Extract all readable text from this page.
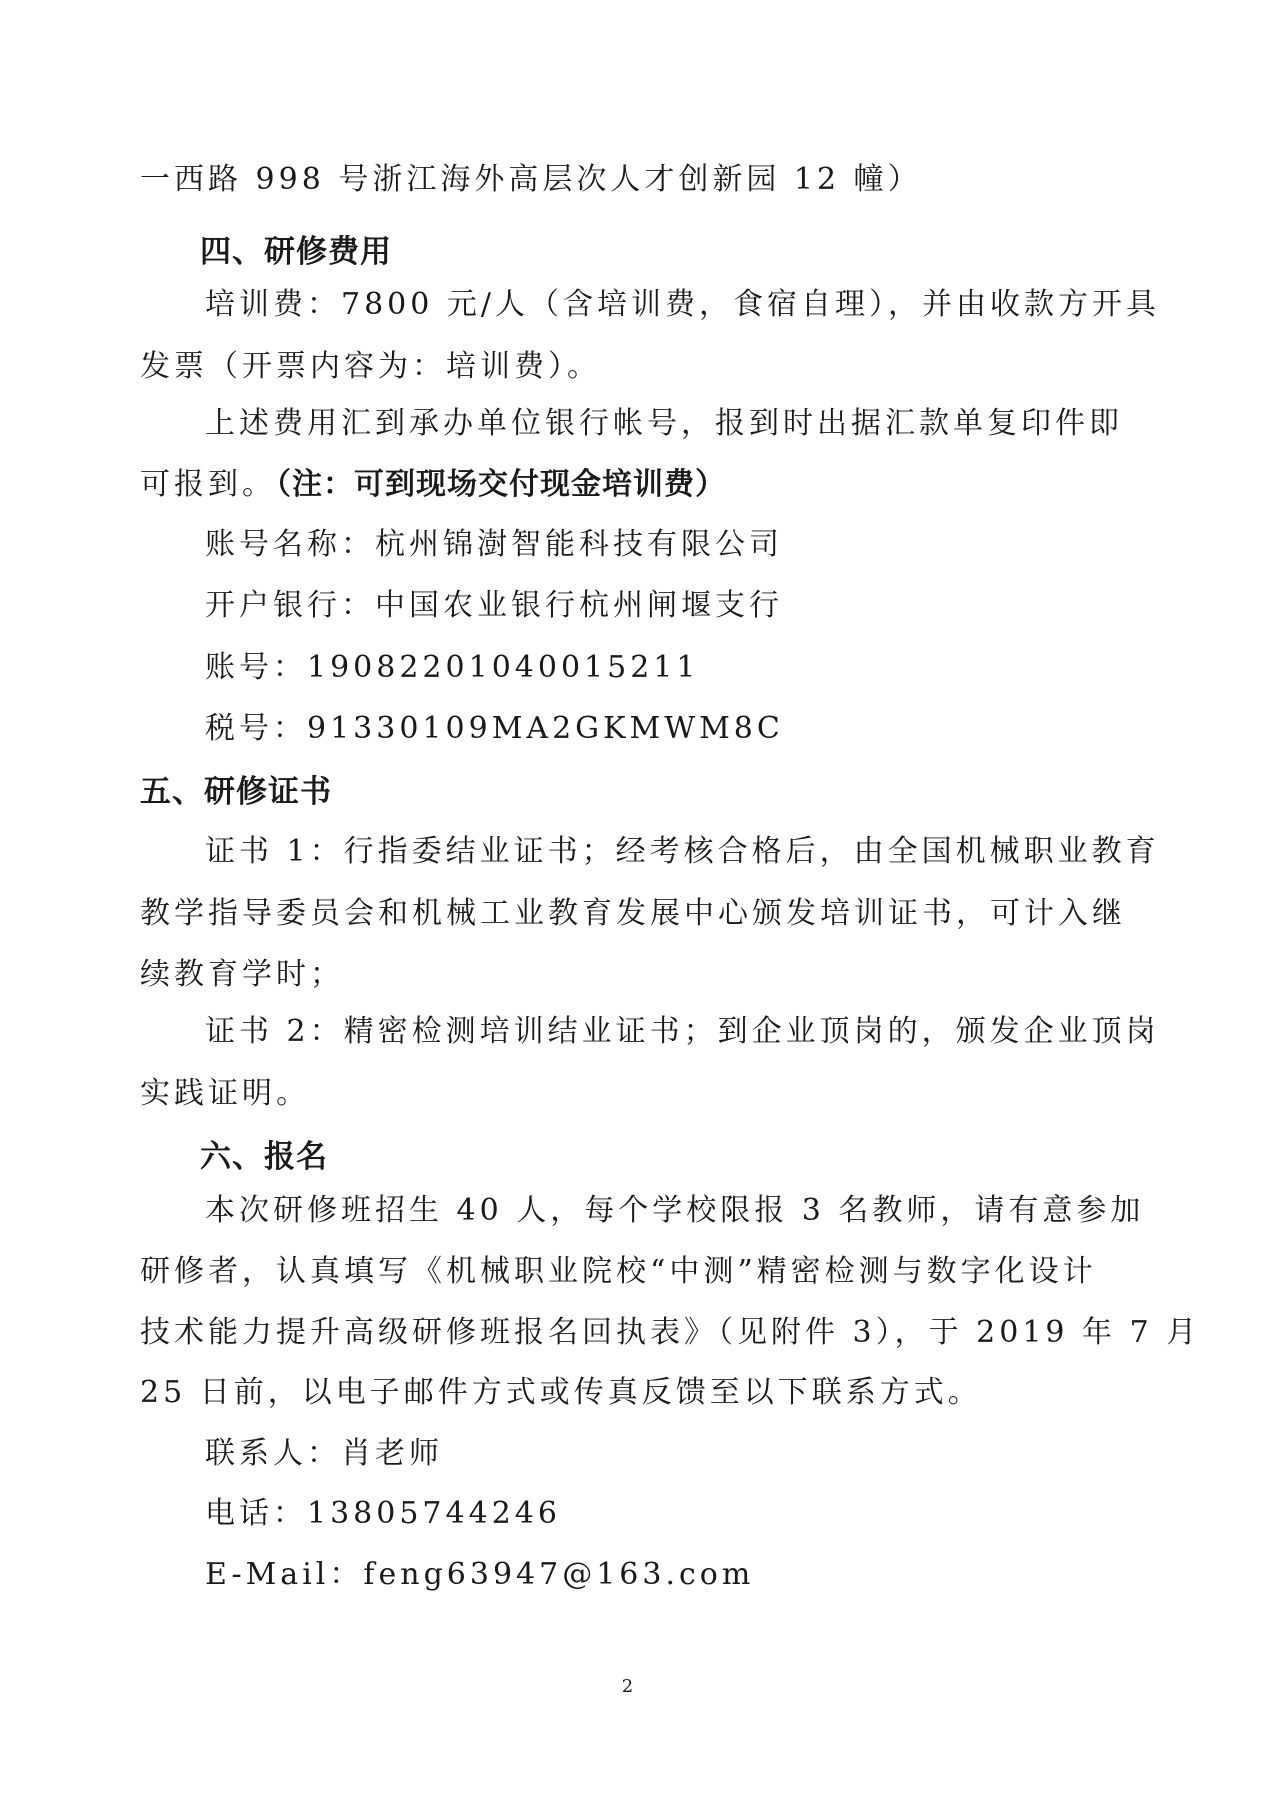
一西路 998 号浙江海外高层次人才创新园 12 幢）
四、研修费用
培训费：7800 元/人（含培训费，食宿自理），并由收款方开具
发票（开票内容为：培训费）。
上述费用汇到承办单位银行帐号，报到时出据汇款单复印件即
可报到。（注：可到现场交付现金培训费）
账号名称：杭州锦澍智能科技有限公司
开户银行：中国农业银行杭州闸堰支行
账号：19082201040015211
税号：91330109MA2GKMWM8C
五、研修证书
证书 1：行指委结业证书；经考核合格后，由全国机械职业教育
教学指导委员会和机械工业教育发展中心颁发培训证书，可计入继
续教育学时；
证书 2：精密检测培训结业证书；到企业顶岗的，颁发企业顶岗
实践证明。
六、报名
本次研修班招生 40 人，每个学校限报 3 名教师，请有意参加
研修者，认真填写《机械职业院校“中测”精密检测与数字化设计
技术能力提升高级研修班报名回执表》（见附件 3），于 2019 年 7 月
25 日前，以电子邮件方式或传真反馈至以下联系方式。
联系人：肖老师
电话：13805744246
E-Mail：feng63947@163.com
2
